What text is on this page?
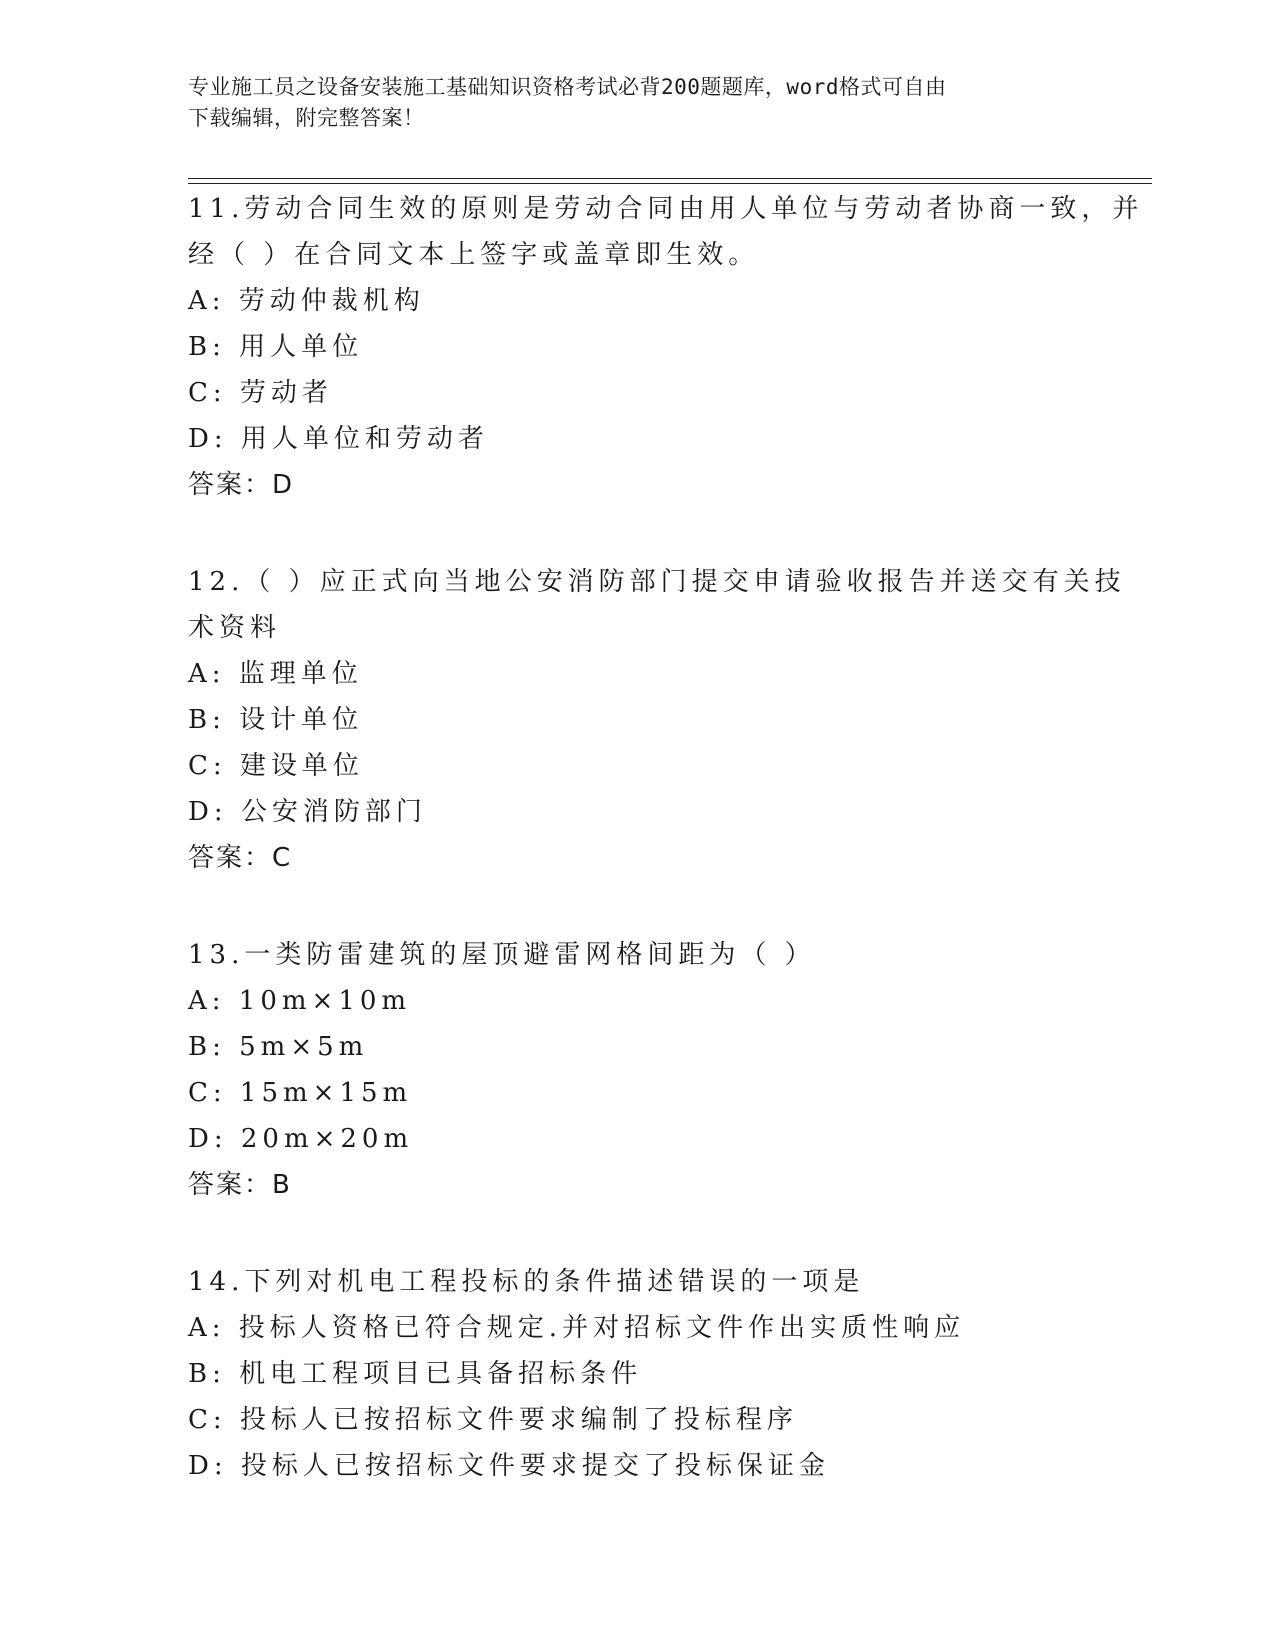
专业施工员之设备安装施工基础知识资格考试必背200题题库，word格式可自由
下载编辑，附完整答案！
11.劳动合同生效的原则是劳动合同由用人单位与劳动者协商一致，并
经（ ）在合同文本上签字或盖章即生效。
A: 劳动仲裁机构
B: 用人单位
C: 劳动者
D: 用人单位和劳动者
答案：D
12.（ ）应正式向当地公安消防部门提交申请验收报告并送交有关技
术资料
A: 监理单位
B: 设计单位
C: 建设单位
D: 公安消防部门
答案：C
13.一类防雷建筑的屋顶避雷网格间距为（ ）
A: 10m×10m
B: 5m×5m
C: 15m×15m
D: 20m×20m
答案：B
14.下列对机电工程投标的条件描述错误的一项是
A: 投标人资格已符合规定.并对招标文件作出实质性响应
B: 机电工程项目已具备招标条件
C: 投标人已按招标文件要求编制了投标程序
D: 投标人已按招标文件要求提交了投标保证金
